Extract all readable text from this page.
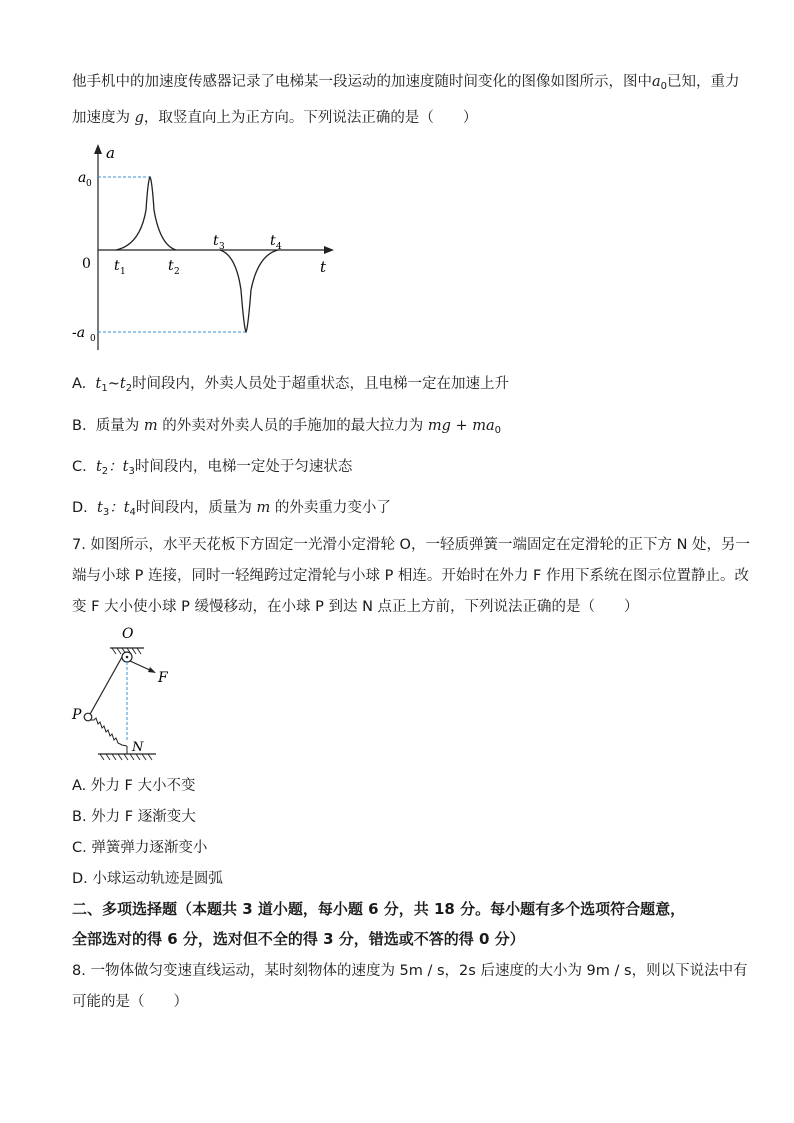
他手机中的加速度传感器记录了电梯某一段运动的加速度随时间变化的图像如图所示，图中$a_0$已知，重力
加速度为 g，取竖直向上为正方向。下列说法正确的是（　　）
a
t
0
a 0
-a 0
t 1	t 2
t 3	t 4
A. $t_1\sim t_2$时间段内，外卖人员处于超重状态，且电梯一定在加速上升
B. 质量为 m 的外卖对外卖人员的手施加的最大拉力为 mg + $ma_0$
C. $t_2$：$t_3$时间段内，电梯一定处于匀速状态
D. $t_3$：$t_4$时间段内，质量为 m 的外卖重力变小了
7. 如图所示，水平天花板下方固定一光滑小定滑轮 O，一轻质弹簧一端固定在定滑轮的正下方 N 处，另一
端与小球 P 连接，同时一轻绳跨过定滑轮与小球 P 相连。开始时在外力 F 作用下系统在图示位置静止。改
变 F 大小使小球 P 缓慢移动，在小球 P 到达 N 点正上方前，下列说法正确的是（　　）
O
F
P
N
A. 外力 F 大小不变
B. 外力 F 逐渐变大
C. 弹簧弹力逐渐变小
D. 小球运动轨迹是圆弧
二、多项选择题（本题共 3 道小题，每小题 6 分，共 18 分。每小题有多个选项符合题意，
全部选对的得 6 分，选对但不全的得 3 分，错选或不答的得 0 分）
8. 一物体做匀变速直线运动，某时刻物体的速度为 5m / s，2s 后速度的大小为 9m / s，则以下说法中有
可能的是（　　）
